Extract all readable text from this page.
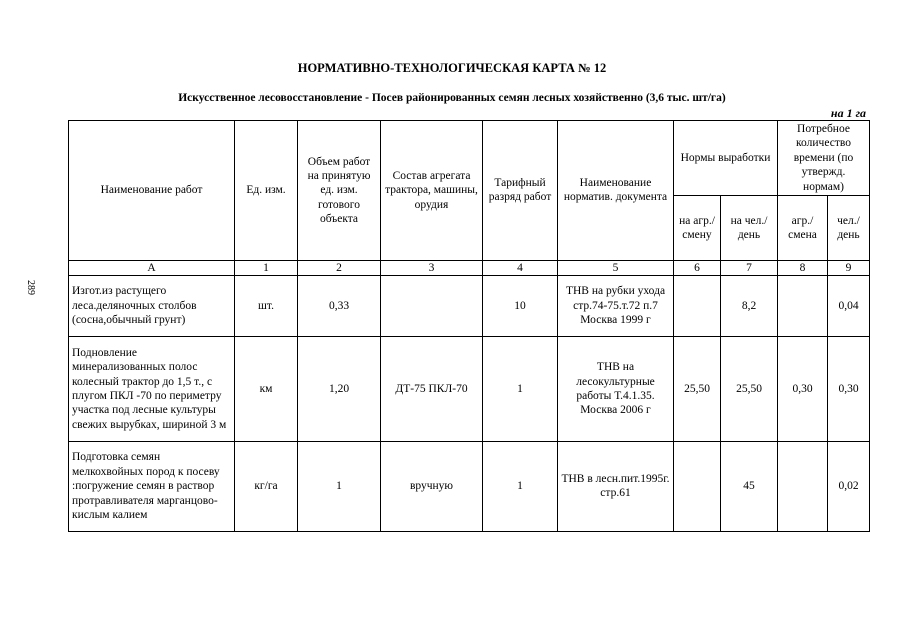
НОРМАТИВНО-ТЕХНОЛОГИЧЕСКАЯ КАРТА № 12
Искусственное лесовосстановление - Посев районированных семян лесных хозяйственно (3,6 тыс. шт/га)
на 1 га
289
Наименование работ	Ед. изм.	Объем работ на принятую ед. изм. готового объекта	Состав агрегата трактора, машины, орудия	Тарифный разряд работ	Наименование норматив. документа	Нормы выработки		Потребное количество времени (по утвержд. нормам)	
						на агр./ смену	на чел./ день	агр./ смена	чел./ день
А	1	2	3	4	5	6	7	8	9
Изгот.из растущего леса.деляночных столбов (сосна,обычный грунт)	шт.	0,33		10	ТНВ на рубки ухода стр.74-75.т.72 п.7 Москва 1999 г		8,2		0,04
Подновление минерализованных полос колесный трактор до 1,5 т., с плугом ПКЛ -70 по периметру участка под лесные культуры свежих вырубках, шириной 3 м	км	1,20	ДТ-75 ПКЛ-70	1	ТНВ на лесокультурные работы Т.4.1.35. Москва 2006 г	25,50	25,50	0,30	0,30
Подготовка семян мелкохвойных пород к посеву :погружение семян в раствор протравливателя марганцово-кислым калием	кг/га	1	вручную	1	ТНВ в лесн.пит.1995г. стр.61		45		0,02
